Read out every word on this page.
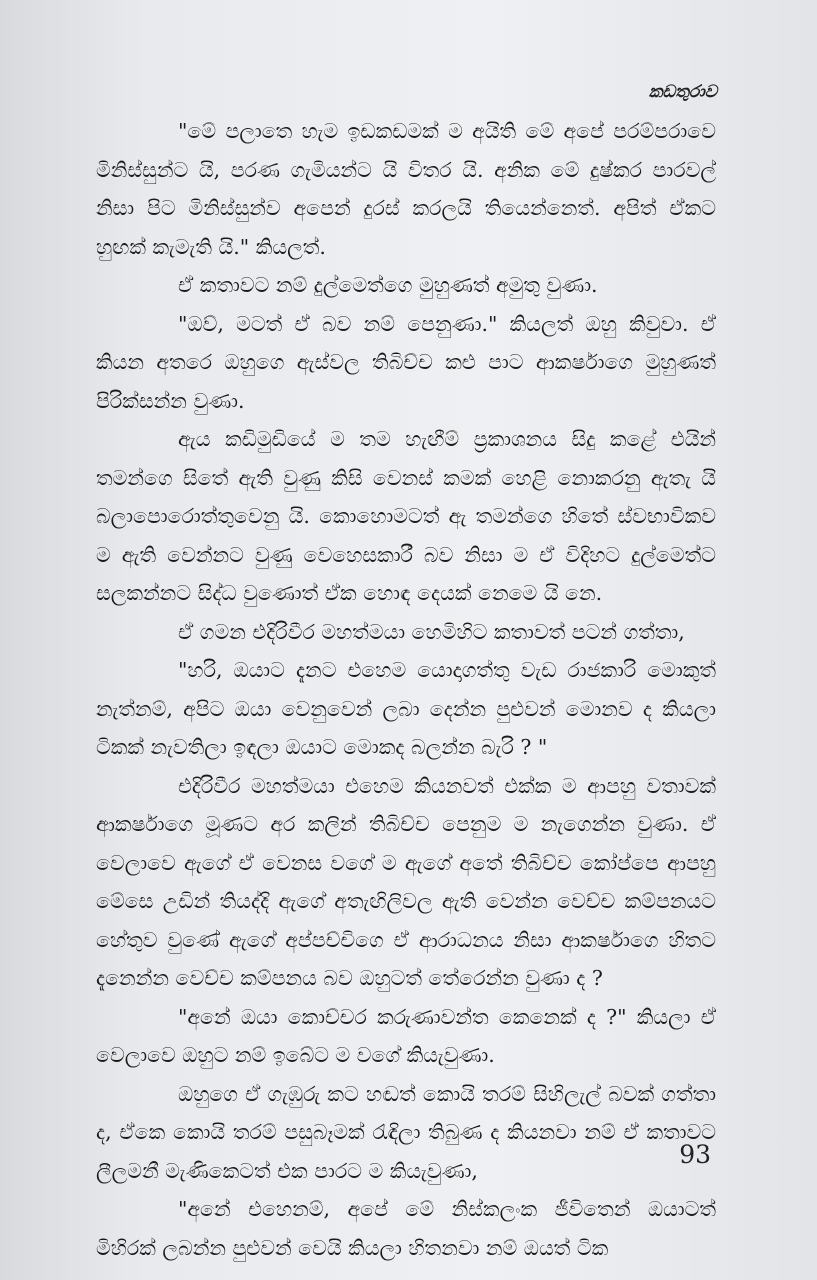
කඩතුරාව

"මේ පලාතෙ හැම ඉඩකඩමක් ම අයිති මේ අපේ පරම්පරාවෙ මිනිස්සුන්ට යි, පරණ ගැමියන්ට යි විතර යි. අනික මේ දුෂ්කර පාරවල් නිසා පිට මිනිස්සුන්ව අපෙන් දුරස් කරලයි තියෙන්නෙත්. අපිත් ඒකට හුඟක් කැමැති යි." කියලත්.

ඒ කතාවට නම් දුල්මෙත්ගෙ මුහුණත් අමුතු වුණා.

"ඔව්, මටත් ඒ බව නම් පෙනුණා." කියලත් ඔහු කිවුවා. ඒ කියන අතරෙ ඔහුගෙ ඇස්වල තිබිච්ච කළු පාට ආකර්ෂාගෙ මුහුණත් පිරික්සන්න වුණා.

ඇය කඩිමුඩියේ ම තම හැඟීම් ප්‍රකාශනය සිදු කළේ එයින් තමන්ගෙ සිතේ ඇති වුණු කිසි වෙනස් කමක් හෙළි නොකරනු ඇතැ යි බලාපොරොත්තුවෙනු යි. කොහොමටත් ඇ තමන්ගෙ හිතේ ස්වභාවිකව ම ඇති වෙන්නට වුණු වෙහෙසකාරී බව නිසා ම ඒ විදිහට දුල්මෙත්ට සලකන්නට සිද්ධ වුණොත් ඒක හොඳ දෙයක් නෙමෙ යි නෙ.

ඒ ගමන එදිරිවීර මහත්මයා හෙමිහිට කතාවත් පටන් ගත්තා,

"හරි, ඔයාට දැනට එහෙම යොදාගත්තු වැඩ රාජකාරි මොකුත් නැත්නම්, අපිට ඔයා වෙනුවෙන් ලබා දෙන්න පුළුවන් මොනව ද කියලා ටිකක් නැවතිලා ඉඳලා ඔයාට මොකද බලන්න බැරි ? "

එදිරිවීර මහත්මයා එහෙම කියනවත් එක්ක ම ආපහු වතාවක් ආකර්ෂාගෙ මූණට අර කලින් තිබිච්ච පෙනුම ම නැගෙන්න වුණා. ඒ වෙලාවෙ ඇගේ ඒ වෙනස වගේ ම ඇගේ අතේ තිබිච්ච කෝප්පෙ ආපහු මේසෙ උඩින් තියද්දි ඇගේ අතැඟිලිවල ඇති වෙන්න වෙච්ච කම්පනයට හේතුව වුණේ ඇගේ අප්පච්චිගෙ ඒ ආරාධනය නිසා ආකර්ෂාගෙ හිතට දැනෙන්න වෙච්ච කම්පනය බව ඔහුටත් තේරෙන්න වුණා ද ?

"අනේ ඔයා කොච්චර කරුණාවන්ත කෙනෙක් ද ?" කියලා ඒ වෙලාවෙ ඔහුට නම් ඉබේට ම වගේ කියැවුණා.

ඔහුගෙ ඒ ගැඹුරු කට හඬත් කොයි තරම් සිහිලැල් බවක් ගත්තා ද, ඒකෙ කොයි තරම් පසුබෑමක් රැඳිලා තිබුණ ද කියනවා නම් ඒ කතාවට ලීලමනී මැණිකෙටත් එක පාරට ම කියැවුණා,

"අනේ එහෙනම්, අපේ මේ නිස්කලංක ජීවිතෙන් ඔයාටත් මිහිරක් ලබන්න පුළුවන් වෙයි කියලා හිතනවා නම් ඔයත් ටික

93
